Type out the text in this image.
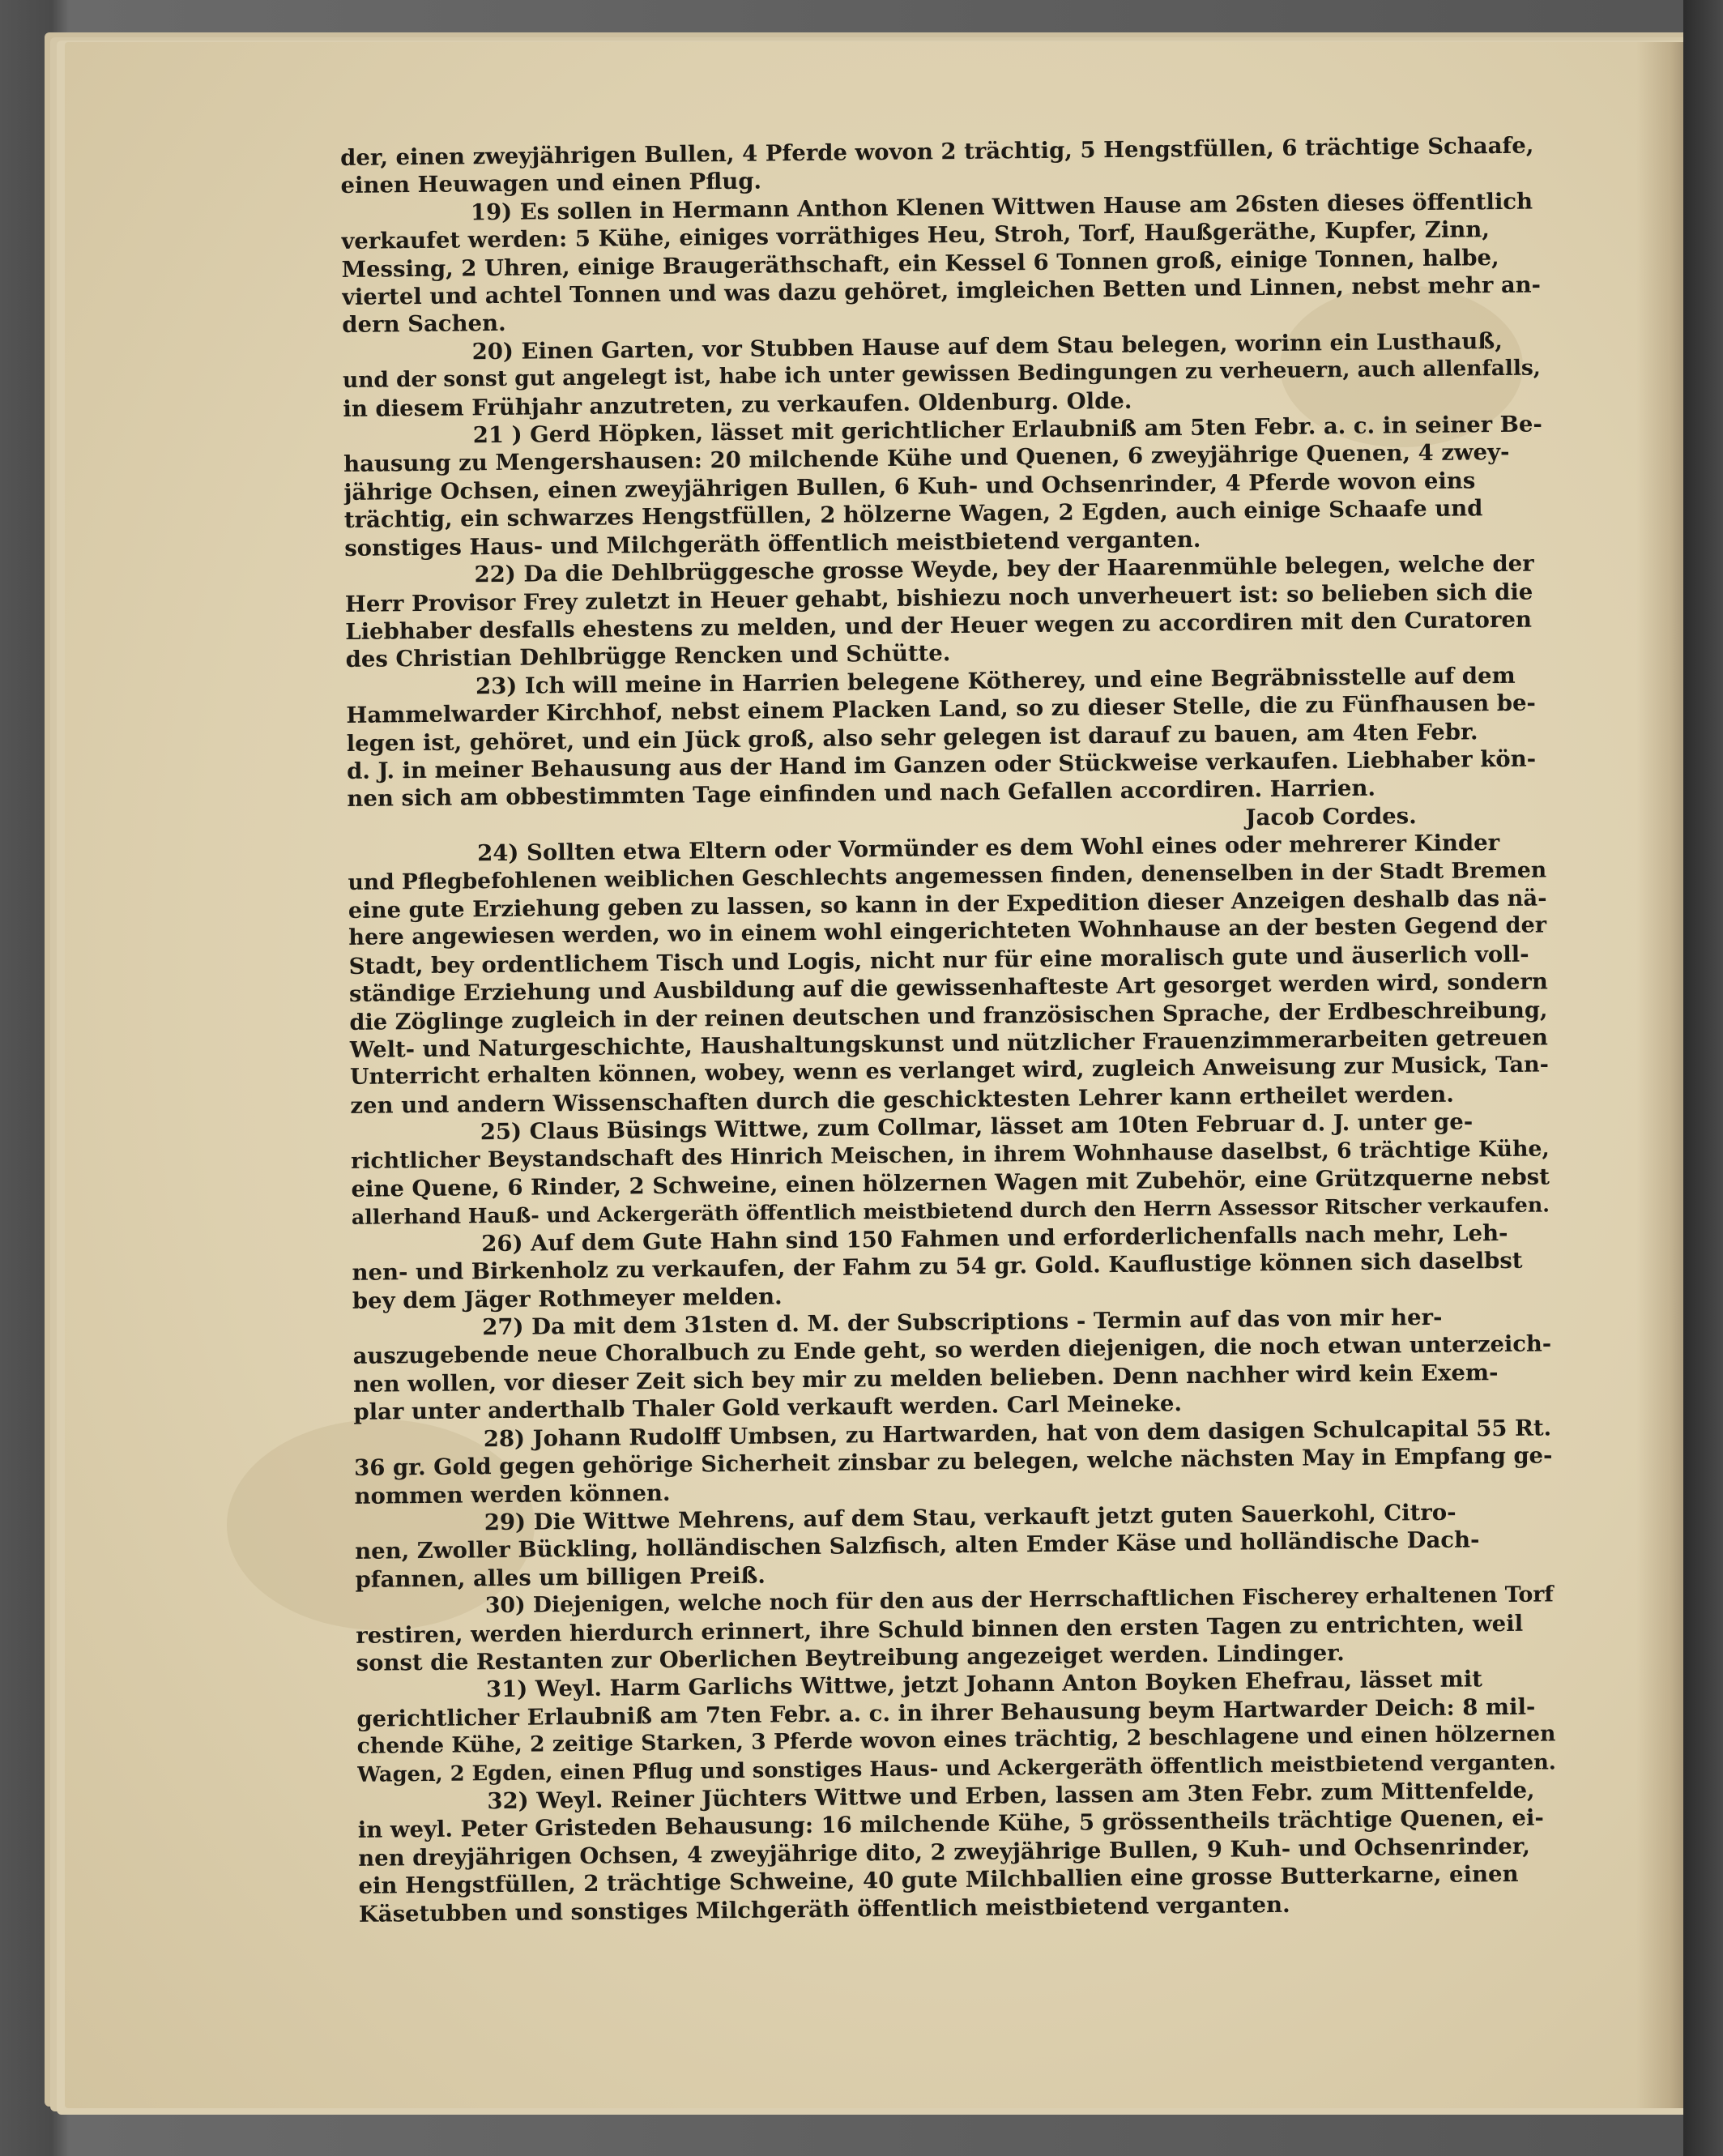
der, einen zweyjährigen Bullen, 4 Pferde wovon 2 trächtig, 5 Hengstfüllen, 6 trächtige Schaafe,
einen Heuwagen und einen Pflug.
19) Es sollen in Hermann Anthon Klenen Wittwen Hause am 26sten dieses öffentlich
verkaufet werden: 5 Kühe, einiges vorräthiges Heu, Stroh, Torf, Haußgeräthe, Kupfer, Zinn,
Messing, 2 Uhren, einige Braugeräthschaft, ein Kessel 6 Tonnen groß, einige Tonnen, halbe,
viertel und achtel Tonnen und was dazu gehöret, imgleichen Betten und Linnen, nebst mehr an-
dern Sachen.
20) Einen Garten, vor Stubben Hause auf dem Stau belegen, worinn ein Lusthauß,
und der sonst gut angelegt ist, habe ich unter gewissen Bedingungen zu verheuern, auch allenfalls,
in diesem Frühjahr anzutreten, zu verkaufen. Oldenburg. Olde.
21 ) Gerd Höpken, lässet mit gerichtlicher Erlaubniß am 5ten Febr. a. c. in seiner Be-
hausung zu Mengershausen: 20 milchende Kühe und Quenen, 6 zweyjährige Quenen, 4 zwey-
jährige Ochsen, einen zweyjährigen Bullen, 6 Kuh- und Ochsenrinder, 4 Pferde wovon eins
trächtig, ein schwarzes Hengstfüllen, 2 hölzerne Wagen, 2 Egden, auch einige Schaafe und
sonstiges Haus- und Milchgeräth öffentlich meistbietend verganten.
22) Da die Dehlbrüggesche grosse Weyde, bey der Haarenmühle belegen, welche der
Herr Provisor Frey zuletzt in Heuer gehabt, bishiezu noch unverheuert ist: so belieben sich die
Liebhaber desfalls ehestens zu melden, und der Heuer wegen zu accordiren mit den Curatoren
des Christian Dehlbrügge Rencken und Schütte.
23) Ich will meine in Harrien belegene Kötherey, und eine Begräbnisstelle auf dem
Hammelwarder Kirchhof, nebst einem Placken Land, so zu dieser Stelle, die zu Fünfhausen be-
legen ist, gehöret, und ein Jück groß, also sehr gelegen ist darauf zu bauen, am 4ten Febr.
d. J. in meiner Behausung aus der Hand im Ganzen oder Stückweise verkaufen. Liebhaber kön-
nen sich am obbestimmten Tage einfinden und nach Gefallen accordiren. Harrien.
Jacob Cordes.
24) Sollten etwa Eltern oder Vormünder es dem Wohl eines oder mehrerer Kinder
und Pflegbefohlenen weiblichen Geschlechts angemessen finden, denenselben in der Stadt Bremen
eine gute Erziehung geben zu lassen, so kann in der Expedition dieser Anzeigen deshalb das nä-
here angewiesen werden, wo in einem wohl eingerichteten Wohnhause an der besten Gegend der
Stadt, bey ordentlichem Tisch und Logis, nicht nur für eine moralisch gute und äuserlich voll-
ständige Erziehung und Ausbildung auf die gewissenhafteste Art gesorget werden wird, sondern
die Zöglinge zugleich in der reinen deutschen und französischen Sprache, der Erdbeschreibung,
Welt- und Naturgeschichte, Haushaltungskunst und nützlicher Frauenzimmerarbeiten getreuen
Unterricht erhalten können, wobey, wenn es verlanget wird, zugleich Anweisung zur Musick, Tan-
zen und andern Wissenschaften durch die geschicktesten Lehrer kann ertheilet werden.
25) Claus Büsings Wittwe, zum Collmar, lässet am 10ten Februar d. J. unter ge-
richtlicher Beystandschaft des Hinrich Meischen, in ihrem Wohnhause daselbst, 6 trächtige Kühe,
eine Quene, 6 Rinder, 2 Schweine, einen hölzernen Wagen mit Zubehör, eine Grützquerne nebst
allerhand Hauß- und Ackergeräth öffentlich meistbietend durch den Herrn Assessor Ritscher verkaufen.
26) Auf dem Gute Hahn sind 150 Fahmen und erforderlichenfalls nach mehr, Leh-
nen- und Birkenholz zu verkaufen, der Fahm zu 54 gr. Gold. Kauflustige können sich daselbst
bey dem Jäger Rothmeyer melden.
27) Da mit dem 31sten d. M. der Subscriptions - Termin auf das von mir her-
auszugebende neue Choralbuch zu Ende geht, so werden diejenigen, die noch etwan unterzeich-
nen wollen, vor dieser Zeit sich bey mir zu melden belieben. Denn nachher wird kein Exem-
plar unter anderthalb Thaler Gold verkauft werden. Carl Meineke.
28) Johann Rudolff Umbsen, zu Hartwarden, hat von dem dasigen Schulcapital 55 Rt.
36 gr. Gold gegen gehörige Sicherheit zinsbar zu belegen, welche nächsten May in Empfang ge-
nommen werden können.
29) Die Wittwe Mehrens, auf dem Stau, verkauft jetzt guten Sauerkohl, Citro-
nen, Zwoller Bückling, holländischen Salzfisch, alten Emder Käse und holländische Dach-
pfannen, alles um billigen Preiß.
30) Diejenigen, welche noch für den aus der Herrschaftlichen Fischerey erhaltenen Torf
restiren, werden hierdurch erinnert, ihre Schuld binnen den ersten Tagen zu entrichten, weil
sonst die Restanten zur Oberlichen Beytreibung angezeiget werden. Lindinger.
31) Weyl. Harm Garlichs Wittwe, jetzt Johann Anton Boyken Ehefrau, lässet mit
gerichtlicher Erlaubniß am 7ten Febr. a. c. in ihrer Behausung beym Hartwarder Deich: 8 mil-
chende Kühe, 2 zeitige Starken, 3 Pferde wovon eines trächtig, 2 beschlagene und einen hölzernen
Wagen, 2 Egden, einen Pflug und sonstiges Haus- und Ackergeräth öffentlich meistbietend verganten.
32) Weyl. Reiner Jüchters Wittwe und Erben, lassen am 3ten Febr. zum Mittenfelde,
in weyl. Peter Gristeden Behausung: 16 milchende Kühe, 5 grössentheils trächtige Quenen, ei-
nen dreyjährigen Ochsen, 4 zweyjährige dito, 2 zweyjährige Bullen, 9 Kuh- und Ochsenrinder,
ein Hengstfüllen, 2 trächtige Schweine, 40 gute Milchballien eine grosse Butterkarne, einen
Käsetubben und sonstiges Milchgeräth öffentlich meistbietend verganten.
